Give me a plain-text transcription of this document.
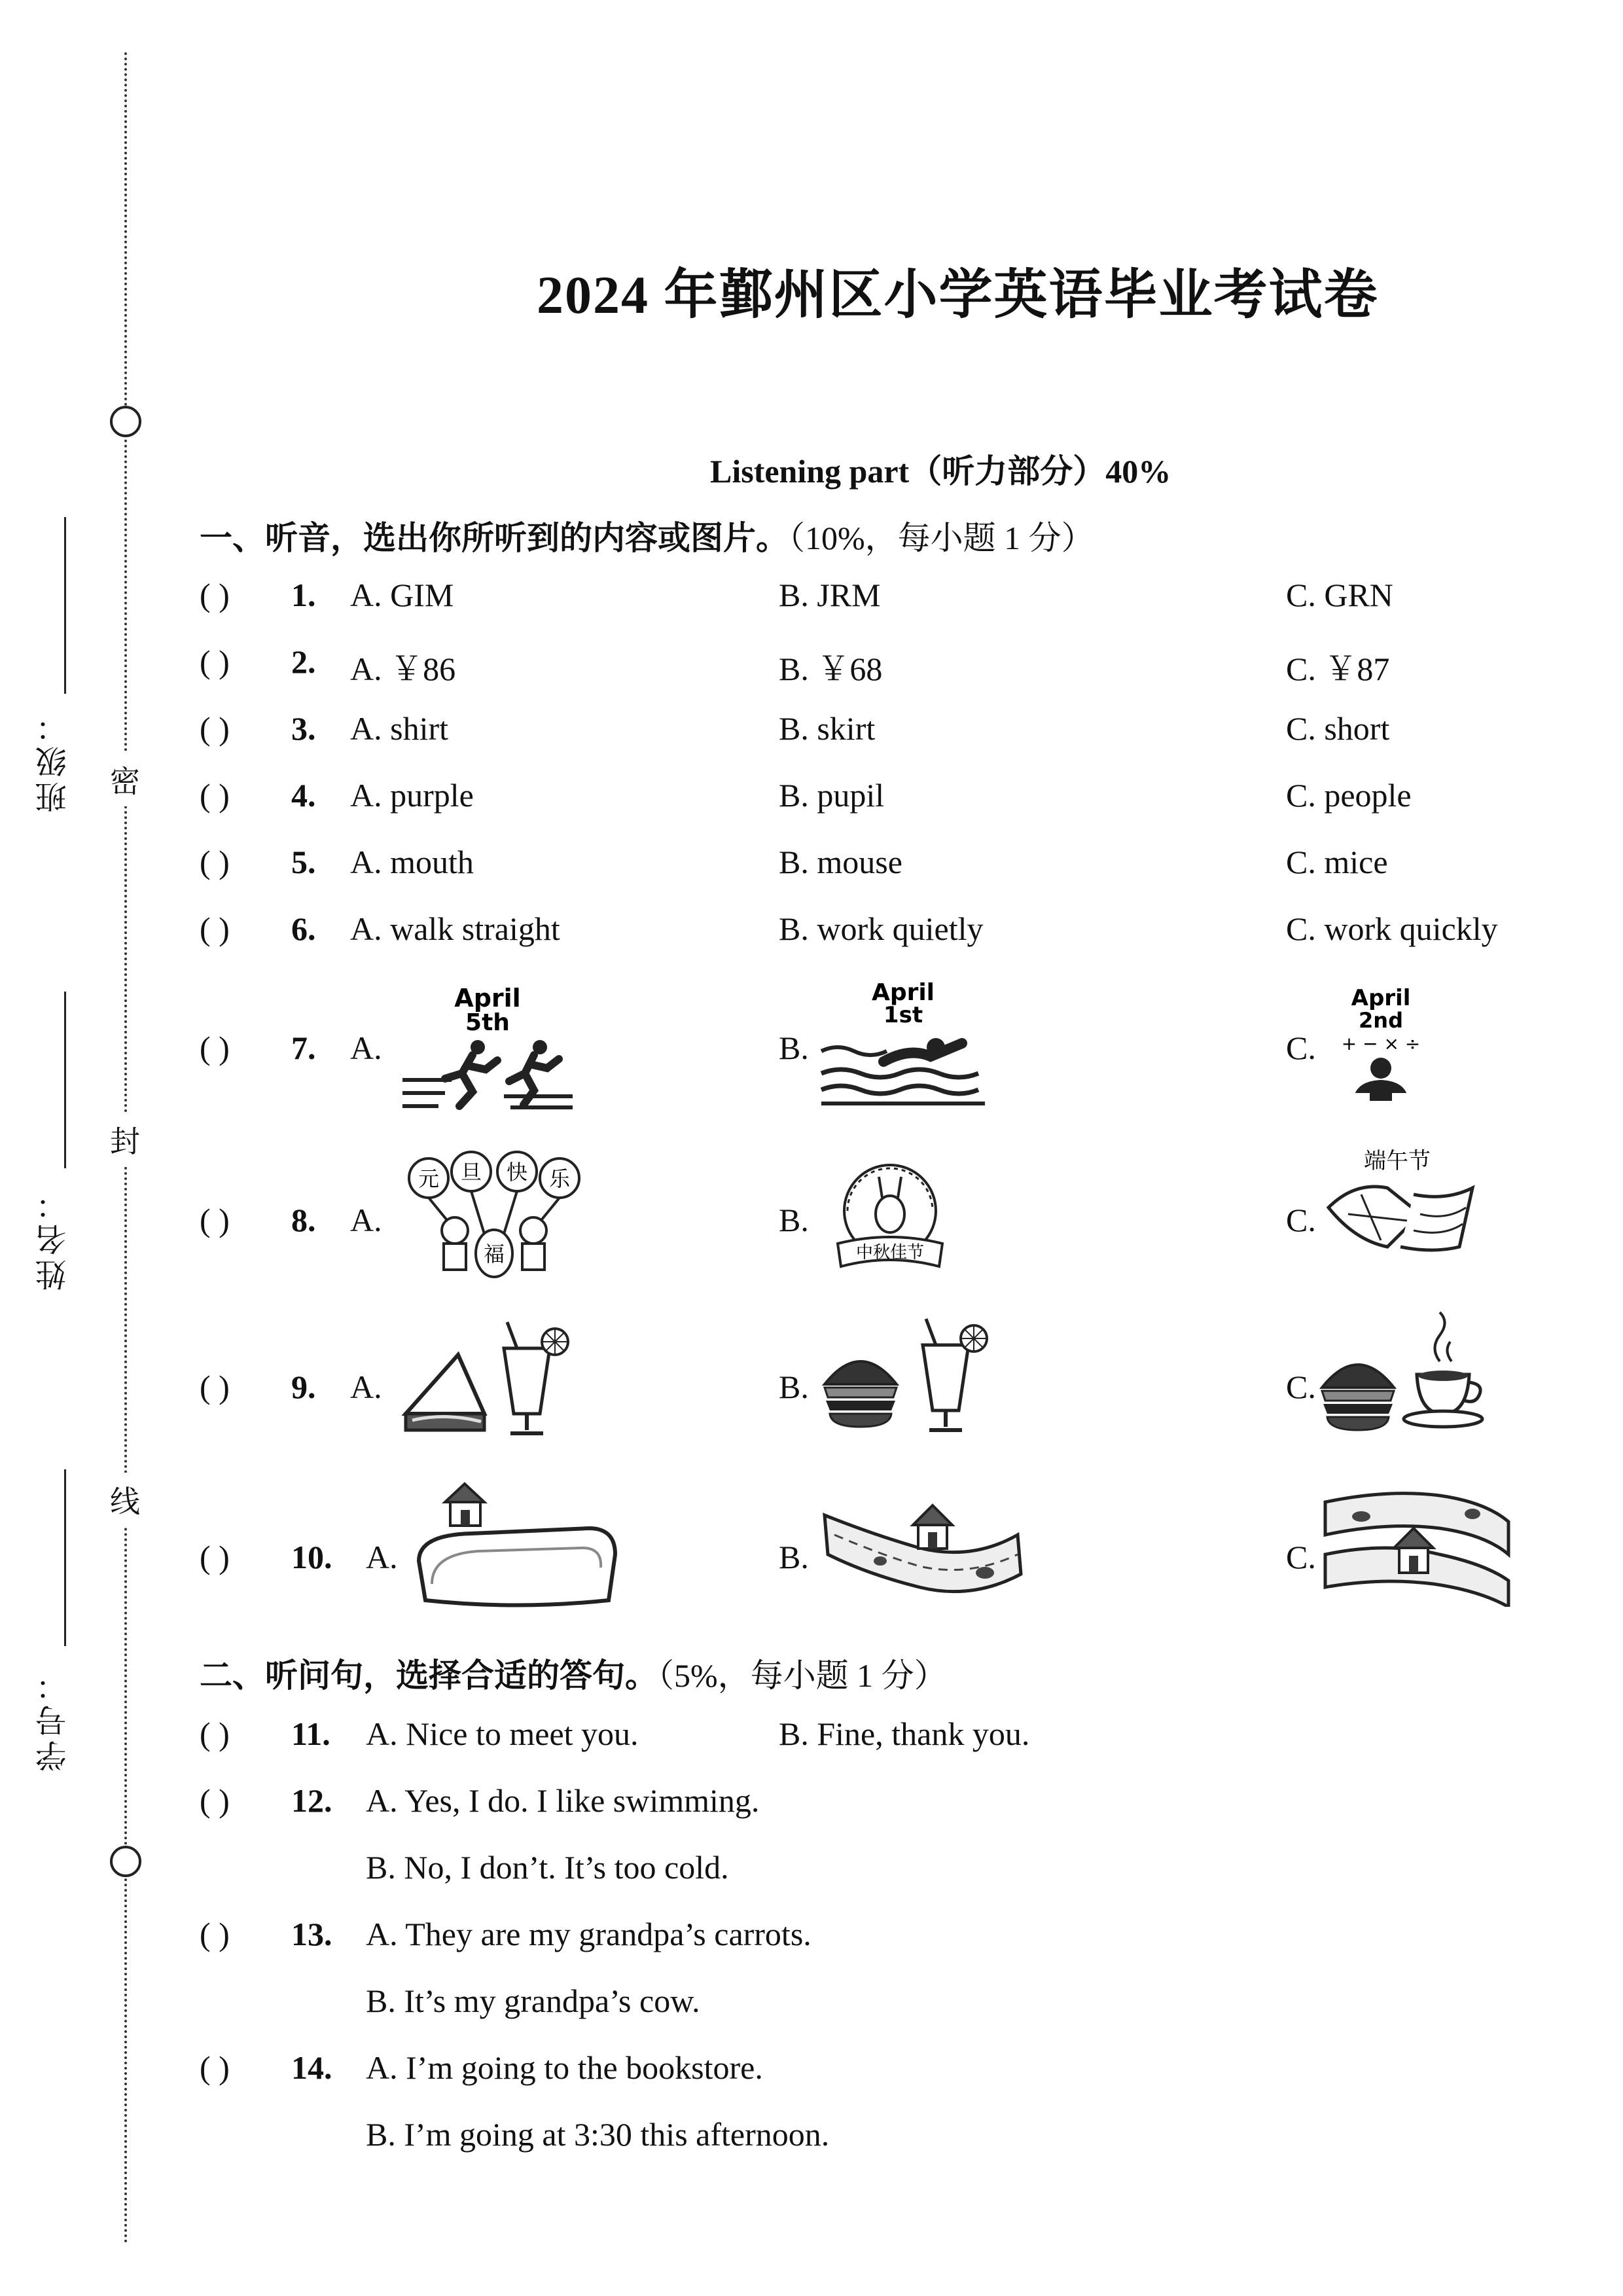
班级：
姓名：
学号：
密
封
线
2024 年鄞州区小学英语毕业考试卷
Listening part（听力部分）40%
一、听音，选出你所听到的内容或图片。（10%，每小题 1 分）
( ) 1. A. GIM	B. JRM	C. GRN
( ) 2. A. ￥86	B. ￥68	C. ￥87
( ) 3. A. shirt	B. skirt	C. short
( ) 4. A. purple	B. pupil	C. people
( ) 5. A. mouth	B. mouse	C. mice
( ) 6. A. walk straight	B. work quietly	C. work quickly
( ) 7. A.	B.	C.
April
5th
April
1st
April
2nd
+ − × ÷
( ) 8. A.	B.	C.
元 旦 快 乐
福	中秋佳节
端午节
( ) 9. A.	B.	C.
( ) 10. A.	B.	C.
二、听问句，选择合适的答句。（5%，每小题 1 分）
( ) 11. A. Nice to meet you.	B. Fine, thank you.
( ) 12. A. Yes, I do. I like swimming.
B. No, I don’t. It’s too cold.
( ) 13. A. They are my grandpa’s carrots.
B. It’s my grandpa’s cow.
( ) 14. A. I’m going to the bookstore.
B. I’m going at 3:30 this afternoon.
